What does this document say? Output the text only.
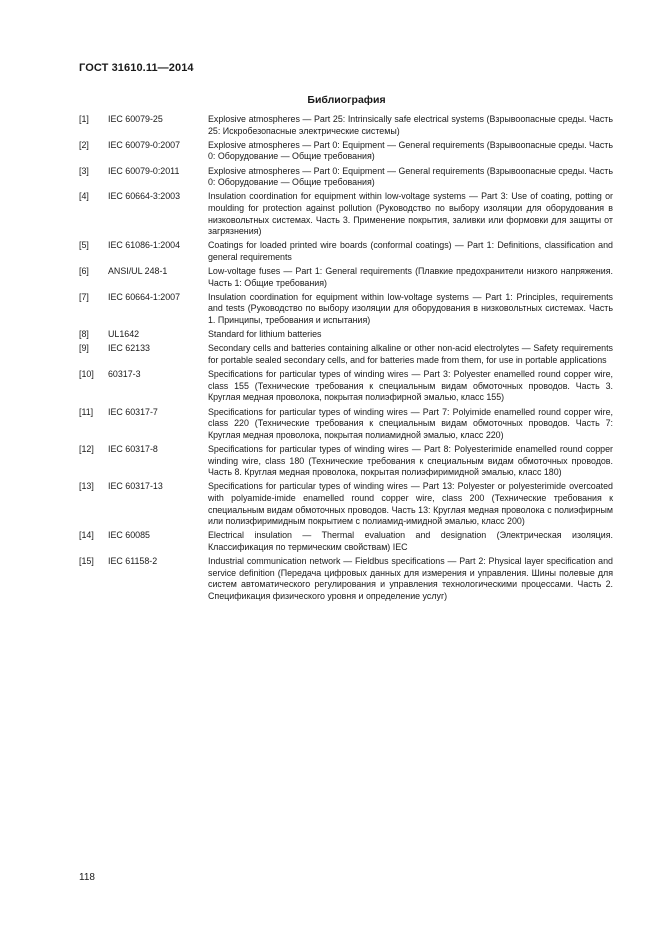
ГОСТ 31610.11—2014
Библиография
[1]	IEC 60079-25	Explosive atmospheres — Part 25: Intrinsically safe electrical systems (Взрывоопасные среды. Часть 25: Искробезопасные электрические системы)
[2]	IEC 60079-0:2007	Explosive atmospheres — Part 0: Equipment — General requirements (Взрывоопасные среды. Часть 0: Оборудование — Общие требования)
[3]	IEC 60079-0:2011	Explosive atmospheres — Part 0: Equipment — General requirements (Взрывоопасные среды. Часть 0: Оборудование — Общие требования)
[4]	IEC 60664-3:2003	Insulation coordination for equipment within low-voltage systems — Part 3: Use of coating, potting or moulding for protection against pollution (Руководство по выбору изоляции для оборудования в низковольтных системах. Часть 3. Применение покрытия, заливки или формовки для защиты от загрязнения)
[5]	IEC 61086-1:2004	Coatings for loaded printed wire boards (conformal coatings) — Part 1: Definitions, classification and general requirements
[6]	ANSI/UL 248-1	Low-voltage fuses — Part 1: General requirements (Плавкие предохранители низкого напряжения. Часть 1: Общие требования)
[7]	IEC 60664-1:2007	Insulation coordination for equipment within low-voltage systems — Part 1: Principles, requirements and tests (Руководство по выбору изоляции для оборудования в низковольтных системах. Часть 1. Принципы, требования и испытания)
[8]	UL1642	Standard for lithium batteries
[9]	IEC 62133	Secondary cells and batteries containing alkaline or other non-acid electrolytes — Safety requirements for portable sealed secondary cells, and for batteries made from them, for use in portable applications
[10]	60317-3	Specifications for particular types of winding wires — Part 3: Polyester enamelled round copper wire, class 155 (Технические требования к специальным видам обмоточных проводов. Часть 3. Круглая медная проволока, покрытая полиэфирной эмалью, класс 155)
[11]	IEC 60317-7	Specifications for particular types of winding wires — Part 7: Polyimide enamelled round copper wire, class 220 (Технические требования к специальным видам обмоточных проводов. Часть 7: Круглая медная проволока, покрытая полиамидной эмалью, класс 220)
[12]	IEC 60317-8	Specifications for particular types of winding wires — Part 8: Polyesterimide enamelled round copper winding wire, class 180 (Технические требования к специальным видам обмоточных проводов. Часть 8. Круглая медная проволока, покрытая полиэфиримидной эмалью, класс 180)
[13]	IEC 60317-13	Specifications for particular types of winding wires — Part 13: Polyester or polyesterimide overcoated with polyamide-imide enamelled round copper wire, class 200 (Технические требования к специальным видам обмоточных проводов. Часть 13: Круглая медная проволока с полиэфирным или полиэфиримидным покрытием с полиамид-имидной эмалью, класс 200)
[14]	IEC 60085	Electrical insulation — Thermal evaluation and designation (Электрическая изоляция. Классификация по термическим свойствам) IEC
[15]	IEC 61158-2	Industrial communication network — Fieldbus specifications — Part 2: Physical layer specification and service definition (Передача цифровых данных для измерения и управления. Шины полевые для систем автоматического регулирования и управления технологическими процессами. Часть 2. Спецификация физического уровня и определение услуг)
118
